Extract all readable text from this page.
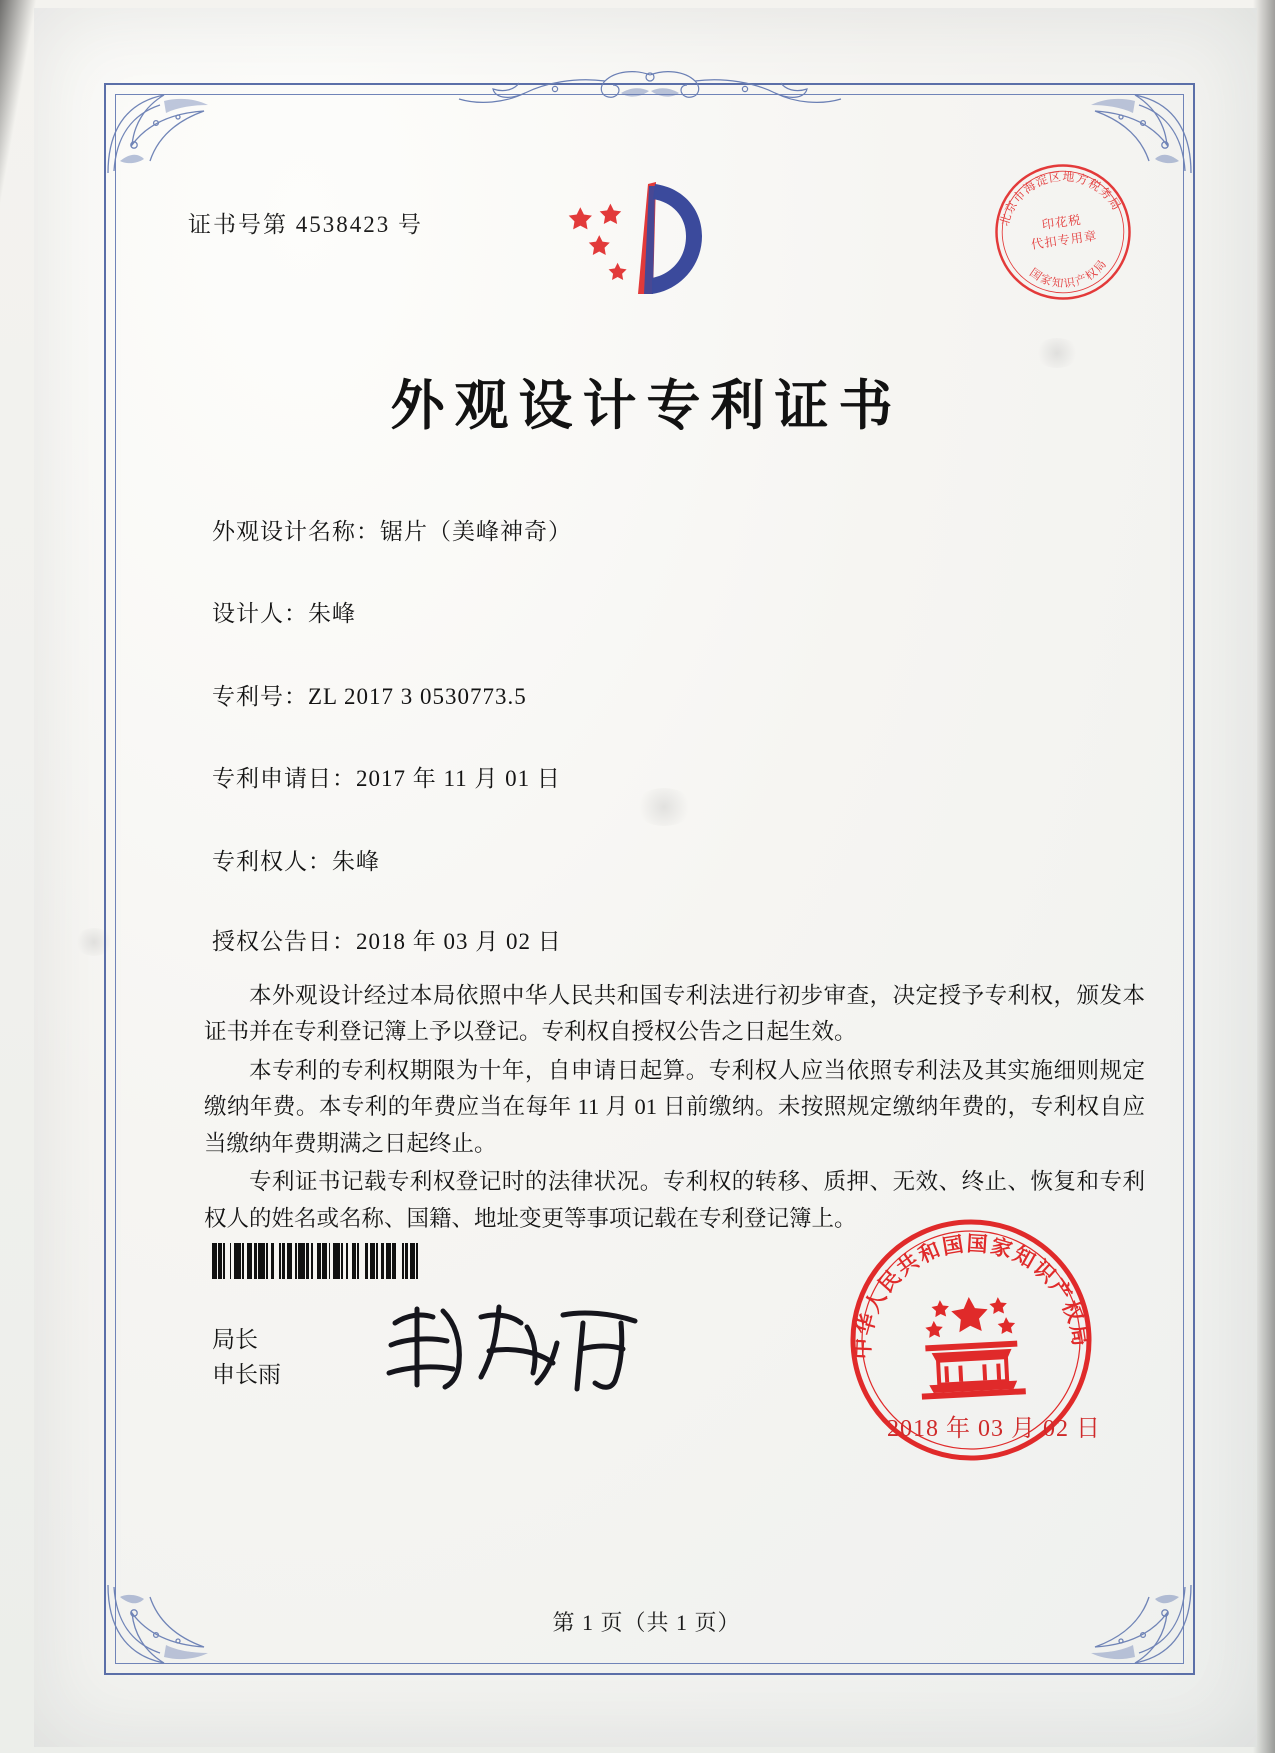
证书号第 4538423 号	北京市海淀区地方税务局
国家知识产权局
印花税
代扣专用章
外观设计专利证书
外观设计名称：锯片（美峰神奇）
设计人：朱峰
专利号：ZL 2017 3 0530773.5
专利申请日：2017 年 11 月 01 日
专利权人：朱峰
授权公告日：2018 年 03 月 02 日

本外观设计经过本局依照中华人民共和国专利法进行初步审查，决定授予专利权，颁发本证书并在专利登记簿上予以登记。专利权自授权公告之日起生效。

本专利的专利权期限为十年，自申请日起算。专利权人应当依照专利法及其实施细则规定缴纳年费。本专利的年费应当在每年 11 月 01 日前缴纳。未按照规定缴纳年费的，专利权自应当缴纳年费期满之日起终止。

专利证书记载专利权登记时的法律状况。专利权的转移、质押、无效、终止、恢复和专利权人的姓名或名称、国籍、地址变更等事项记载在专利登记簿上。

局长
申长雨
中华人民共和国国家知识产权局
2018 年 03 月 02 日
第 1 页（共 1 页）
